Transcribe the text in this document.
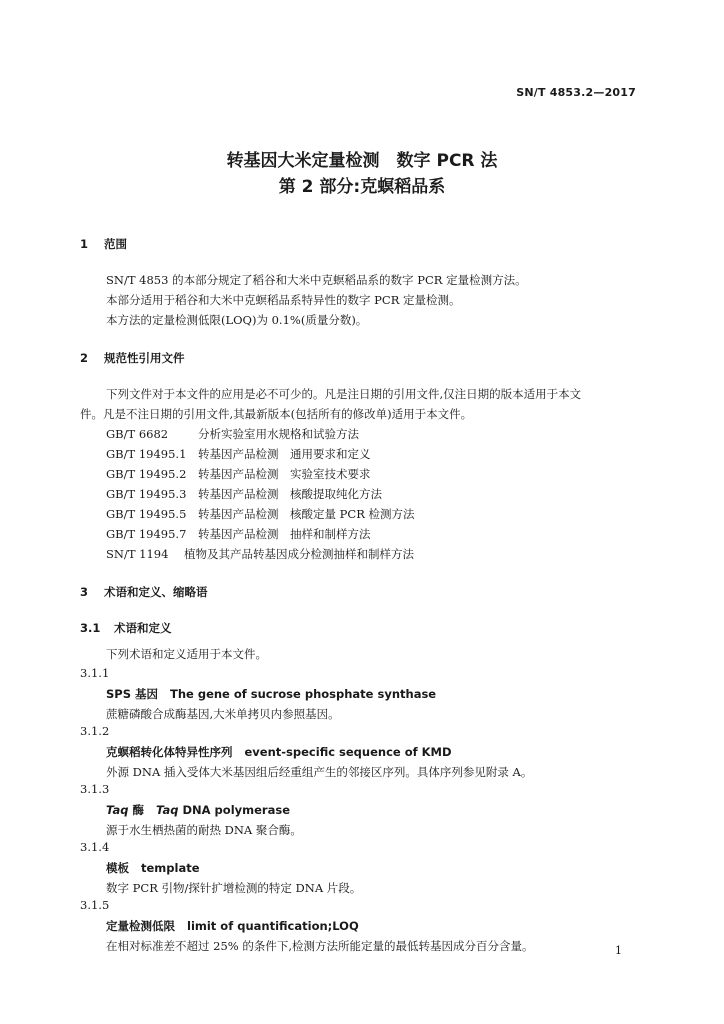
SN/T 4853.2—2017
转基因大米定量检测　数字 PCR 法
第 2 部分:克螟稻品系
1 范围
SN/T 4853 的本部分规定了稻谷和大米中克螟稻品系的数字 PCR 定量检测方法。
本部分适用于稻谷和大米中克螟稻品系特异性的数字 PCR 定量检测。
本方法的定量检测低限(LOQ)为 0.1%(质量分数)。
2 规范性引用文件
下列文件对于本文件的应用是必不可少的。凡是注日期的引用文件,仅注日期的版本适用于本文
件。凡是不注日期的引用文件,其最新版本(包括所有的修改单)适用于本文件。
GB/T 6682	分析实验室用水规格和试验方法
GB/T 19495.1 转基因产品检测　通用要求和定义
GB/T 19495.2 转基因产品检测　实验室技术要求
GB/T 19495.3 转基因产品检测　核酸提取纯化方法
GB/T 19495.5 转基因产品检测　核酸定量 PCR 检测方法
GB/T 19495.7 转基因产品检测　抽样和制样方法
SN/T 1194 植物及其产品转基因成分检测抽样和制样方法
3 术语和定义、缩略语
3.1 术语和定义
下列术语和定义适用于本文件。
3.1.1
SPS 基因 The gene of sucrose phosphate synthase
蔗糖磷酸合成酶基因,大米单拷贝内参照基因。
3.1.2
克螟稻转化体特异性序列 event-specific sequence of KMD
外源 DNA 插入受体大米基因组后经重组产生的邻接区序列。具体序列参见附录 A。
3.1.3
Taq 酶 Taq DNA polymerase
源于水生栖热菌的耐热 DNA 聚合酶。
3.1.4
模板 template
数字 PCR 引物/探针扩增检测的特定 DNA 片段。
3.1.5
定量检测低限 limit of quantification;LOQ
在相对标准差不超过 25% 的条件下,检测方法所能定量的最低转基因成分百分含量。	1
